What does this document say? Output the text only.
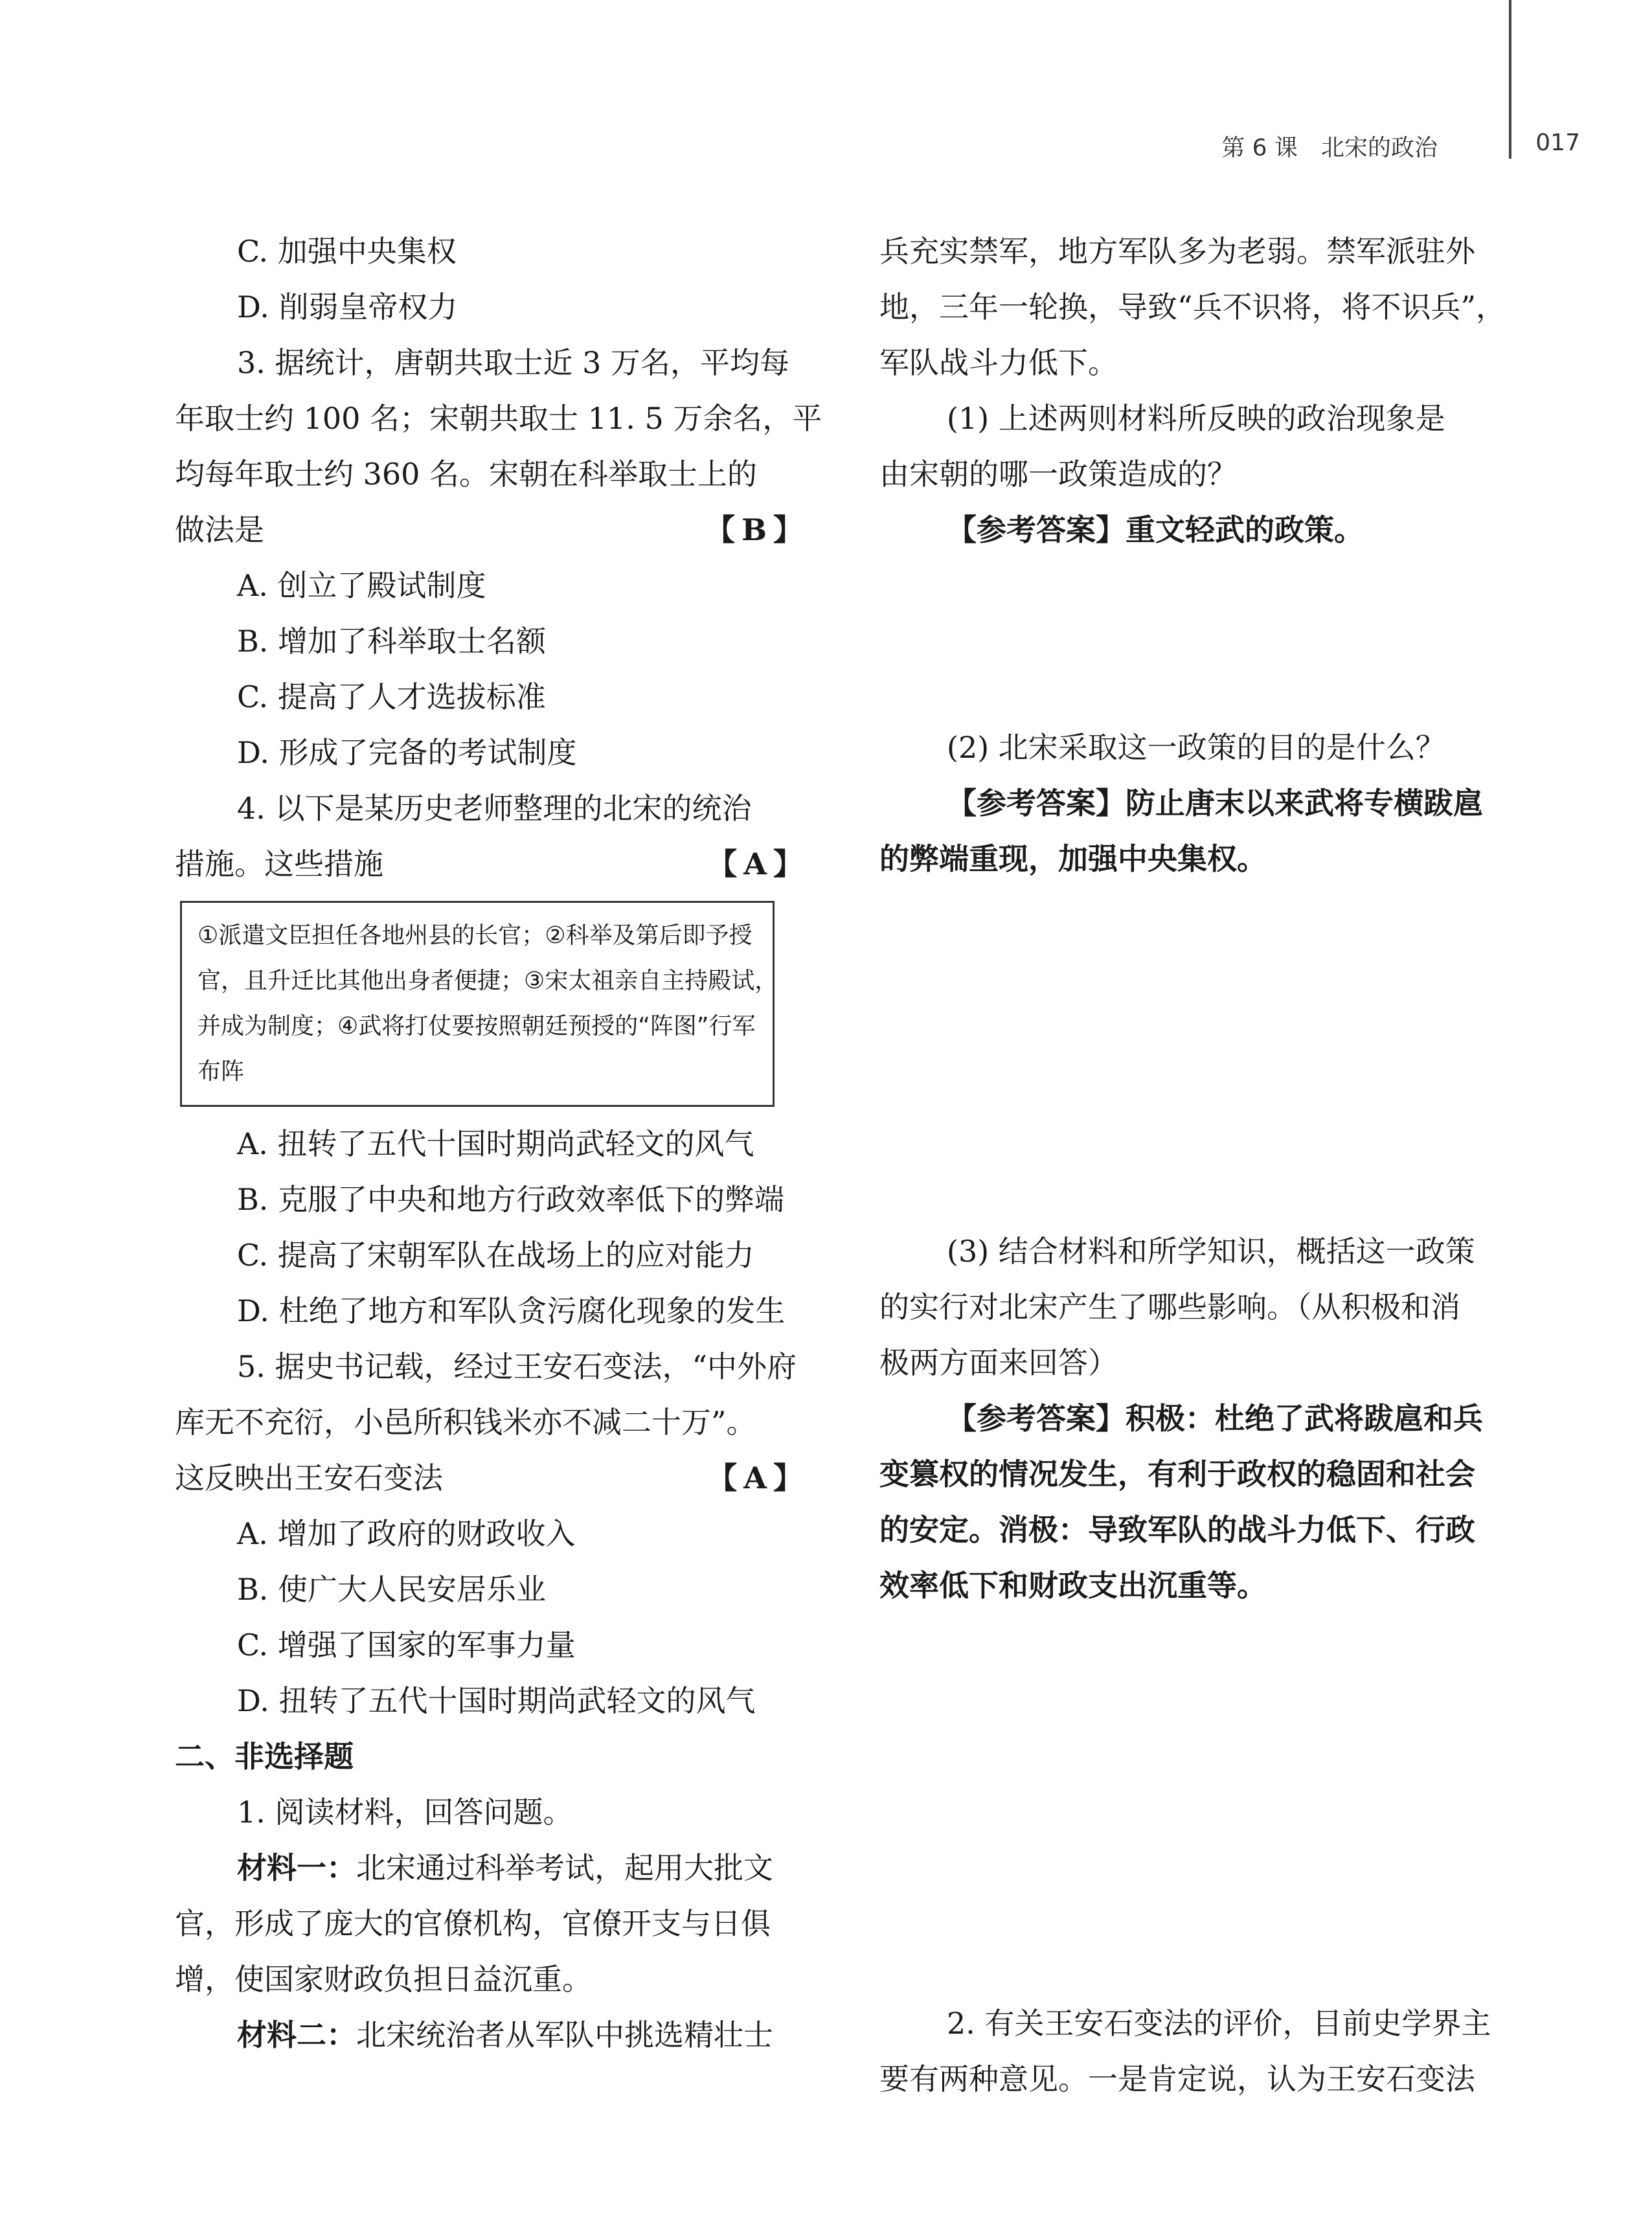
第 6 课　北宋的政治	017
C. 加强中央集权
D. 削弱皇帝权力
3. 据统计，唐朝共取士近 3 万名，平均每
年取士约 100 名；宋朝共取士 11. 5 万余名，平
均每年取士约 360 名。宋朝在科举取士上的
做法是	【B】
A. 创立了殿试制度
B. 增加了科举取士名额
C. 提高了人才选拔标准
D. 形成了完备的考试制度
4. 以下是某历史老师整理的北宋的统治
措施。这些措施	【A】
①派遣文臣担任各地州县的长官；②科举及第后即予授
官，且升迁比其他出身者便捷；③宋太祖亲自主持殿试，
并成为制度；④武将打仗要按照朝廷预授的“阵图”行军
布阵
A. 扭转了五代十国时期尚武轻文的风气
B. 克服了中央和地方行政效率低下的弊端
C. 提高了宋朝军队在战场上的应对能力
D. 杜绝了地方和军队贪污腐化现象的发生
5. 据史书记载，经过王安石变法，“中外府
库无不充衍，小邑所积钱米亦不减二十万”。
这反映出王安石变法	【A】
A. 增加了政府的财政收入
B. 使广大人民安居乐业
C. 增强了国家的军事力量
D. 扭转了五代十国时期尚武轻文的风气
二、非选择题
1. 阅读材料，回答问题。
材料一：北宋通过科举考试，起用大批文
官，形成了庞大的官僚机构，官僚开支与日俱
增，使国家财政负担日益沉重。
材料二：北宋统治者从军队中挑选精壮士
兵充实禁军，地方军队多为老弱。禁军派驻外
地，三年一轮换，导致“兵不识将，将不识兵”，
军队战斗力低下。
(1) 上述两则材料所反映的政治现象是
由宋朝的哪一政策造成的？
【参考答案】重文轻武的政策。
(2) 北宋采取这一政策的目的是什么？
【参考答案】防止唐末以来武将专横跋扈
的弊端重现，加强中央集权。
(3) 结合材料和所学知识，概括这一政策
的实行对北宋产生了哪些影响。（从积极和消
极两方面来回答）
【参考答案】积极：杜绝了武将跋扈和兵
变篡权的情况发生，有利于政权的稳固和社会
的安定。消极：导致军队的战斗力低下、行政
效率低下和财政支出沉重等。
2. 有关王安石变法的评价，目前史学界主
要有两种意见。一是肯定说，认为王安石变法
